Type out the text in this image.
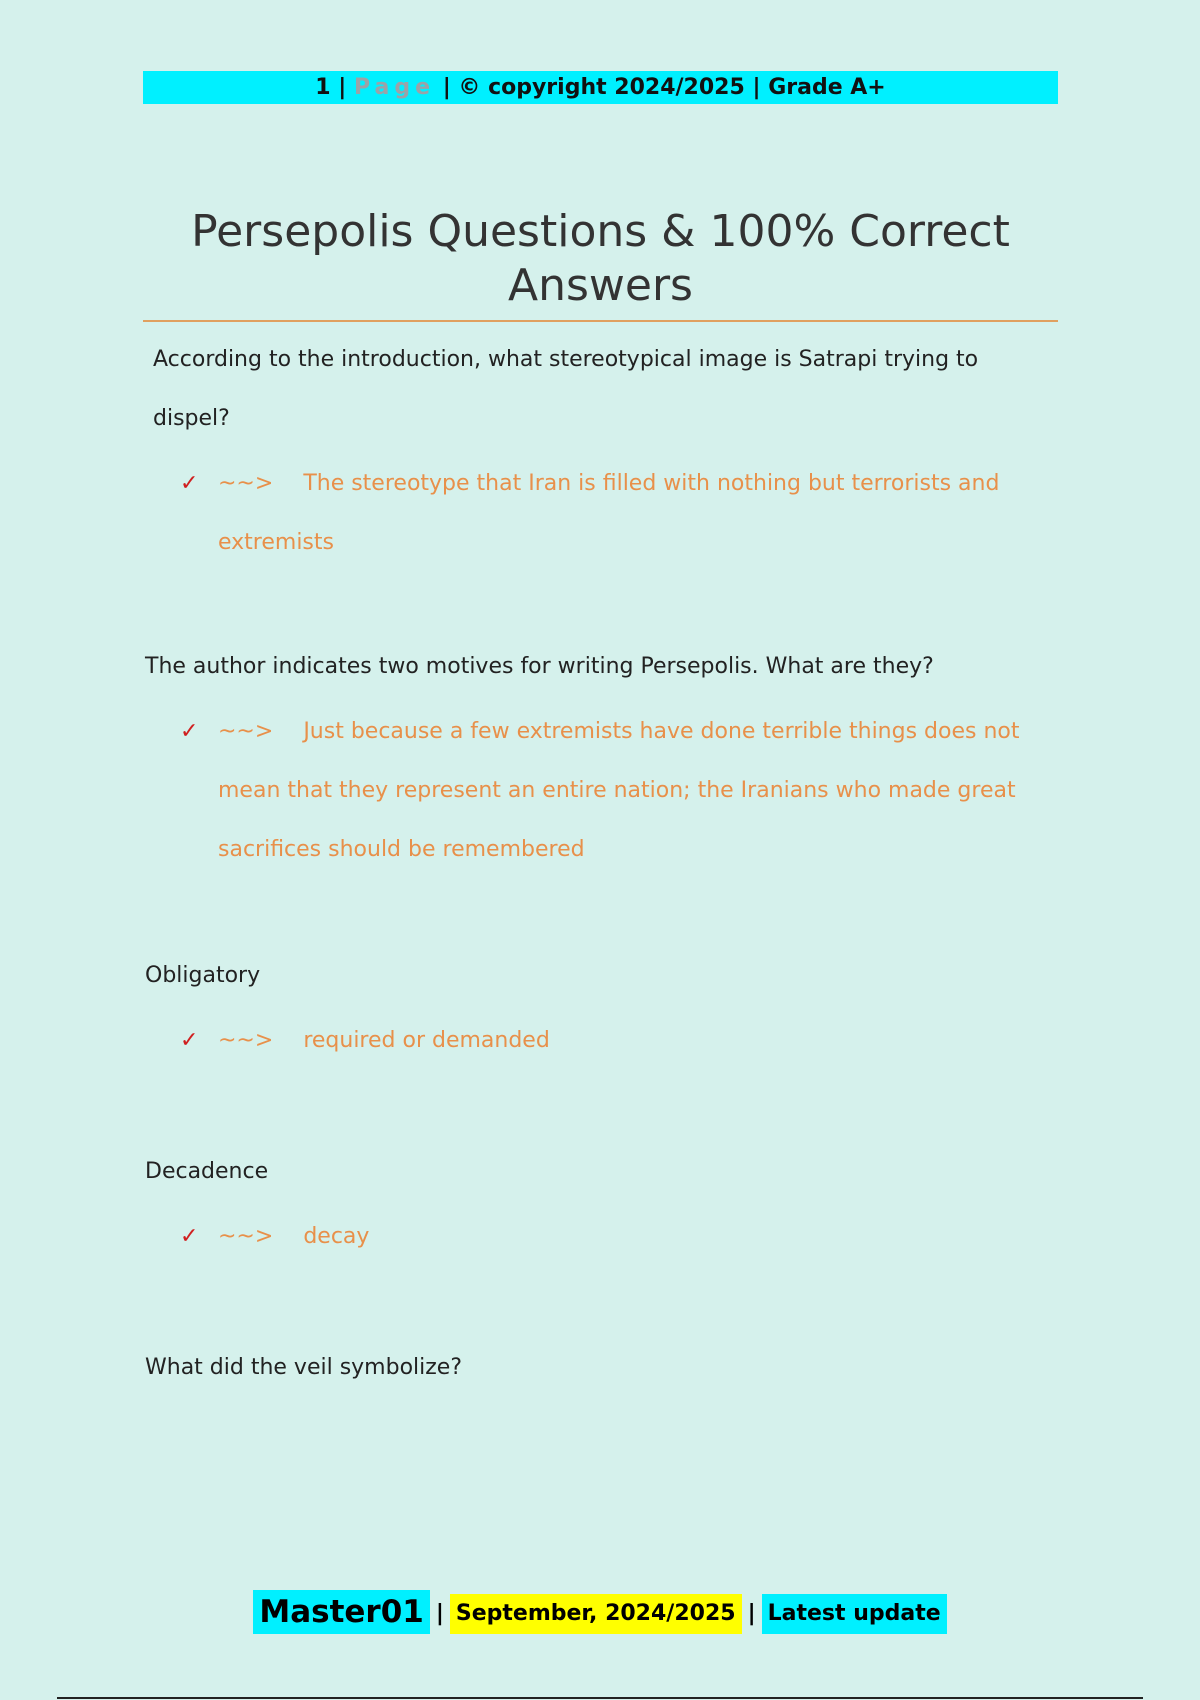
1 | Page | © copyright 2024/2025 | Grade A+
Persepolis Questions & 100% Correct Answers

According to the introduction, what stereotypical image is Satrapi trying to dispel?

✓ ~~> The stereotype that Iran is filled with nothing but terrorists and extremists

The author indicates two motives for writing Persepolis. What are they?

✓ ~~> Just because a few extremists have done terrible things does not mean that they represent an entire nation; the Iranians who made great sacrifices should be remembered

Obligatory

✓ ~~> required or demanded

Decadence

✓ ~~> decay

What did the veil symbolize?

Master01 | September, 2024/2025 | Latest update
